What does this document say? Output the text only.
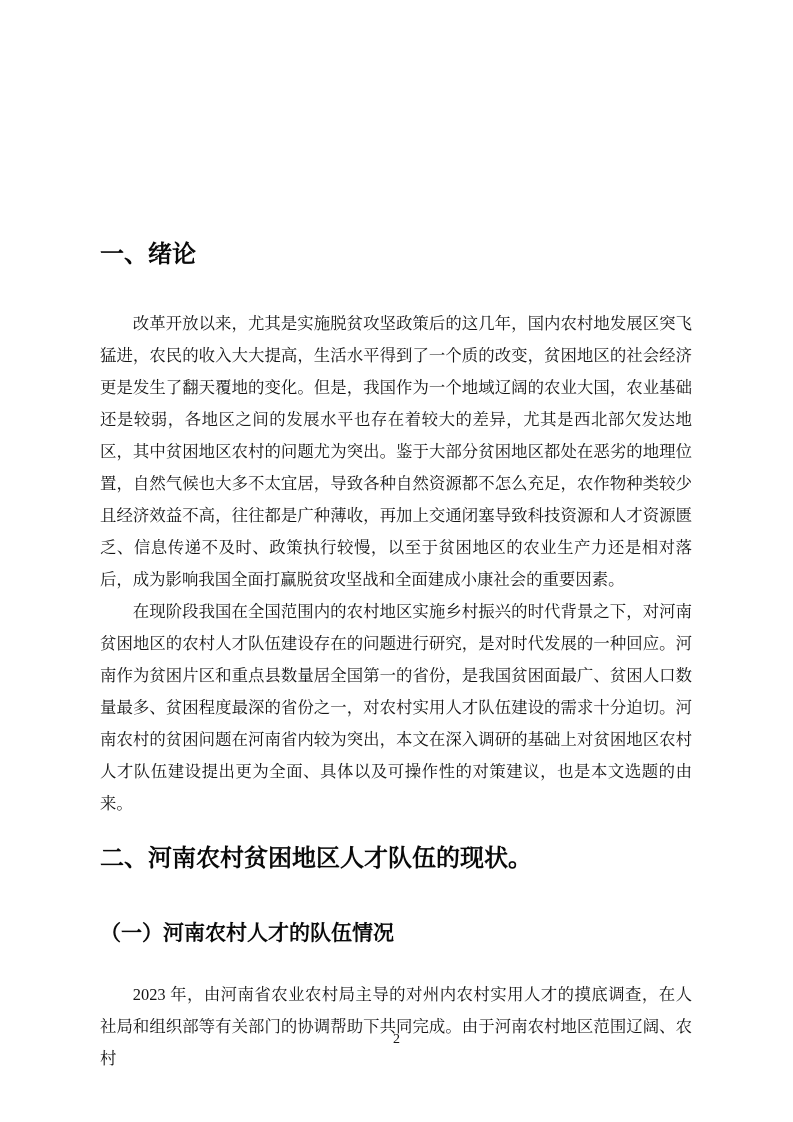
一、绪论

改革开放以来，尤其是实施脱贫攻坚政策后的这几年，国内农村地发展区突飞猛进，农民的收入大大提高，生活水平得到了一个质的改变，贫困地区的社会经济更是发生了翻天覆地的变化。但是，我国作为一个地域辽阔的农业大国，农业基础还是较弱，各地区之间的发展水平也存在着较大的差异，尤其是西北部欠发达地区，其中贫困地区农村的问题尤为突出。鉴于大部分贫困地区都处在恶劣的地理位置，自然气候也大多不太宜居，导致各种自然资源都不怎么充足，农作物种类较少且经济效益不高，往往都是广种薄收，再加上交通闭塞导致科技资源和人才资源匮乏、信息传递不及时、政策执行较慢，以至于贫困地区的农业生产力还是相对落后，成为影响我国全面打赢脱贫攻坚战和全面建成小康社会的重要因素。

在现阶段我国在全国范围内的农村地区实施乡村振兴的时代背景之下，对河南贫困地区的农村人才队伍建设存在的问题进行研究，是对时代发展的一种回应。河南作为贫困片区和重点县数量居全国第一的省份，是我国贫困面最广、贫困人口数量最多、贫困程度最深的省份之一，对农村实用人才队伍建设的需求十分迫切。河南农村的贫困问题在河南省内较为突出，本文在深入调研的基础上对贫困地区农村人才队伍建设提出更为全面、具体以及可操作性的对策建议，也是本文选题的由来。

二、河南农村贫困地区人才队伍的现状。
（一）河南农村人才的队伍情况

2023 年，由河南省农业农村局主导的对州内农村实用人才的摸底调查，在人社局和组织部等有关部门的协调帮助下共同完成。由于河南农村地区范围辽阔、农村

2
